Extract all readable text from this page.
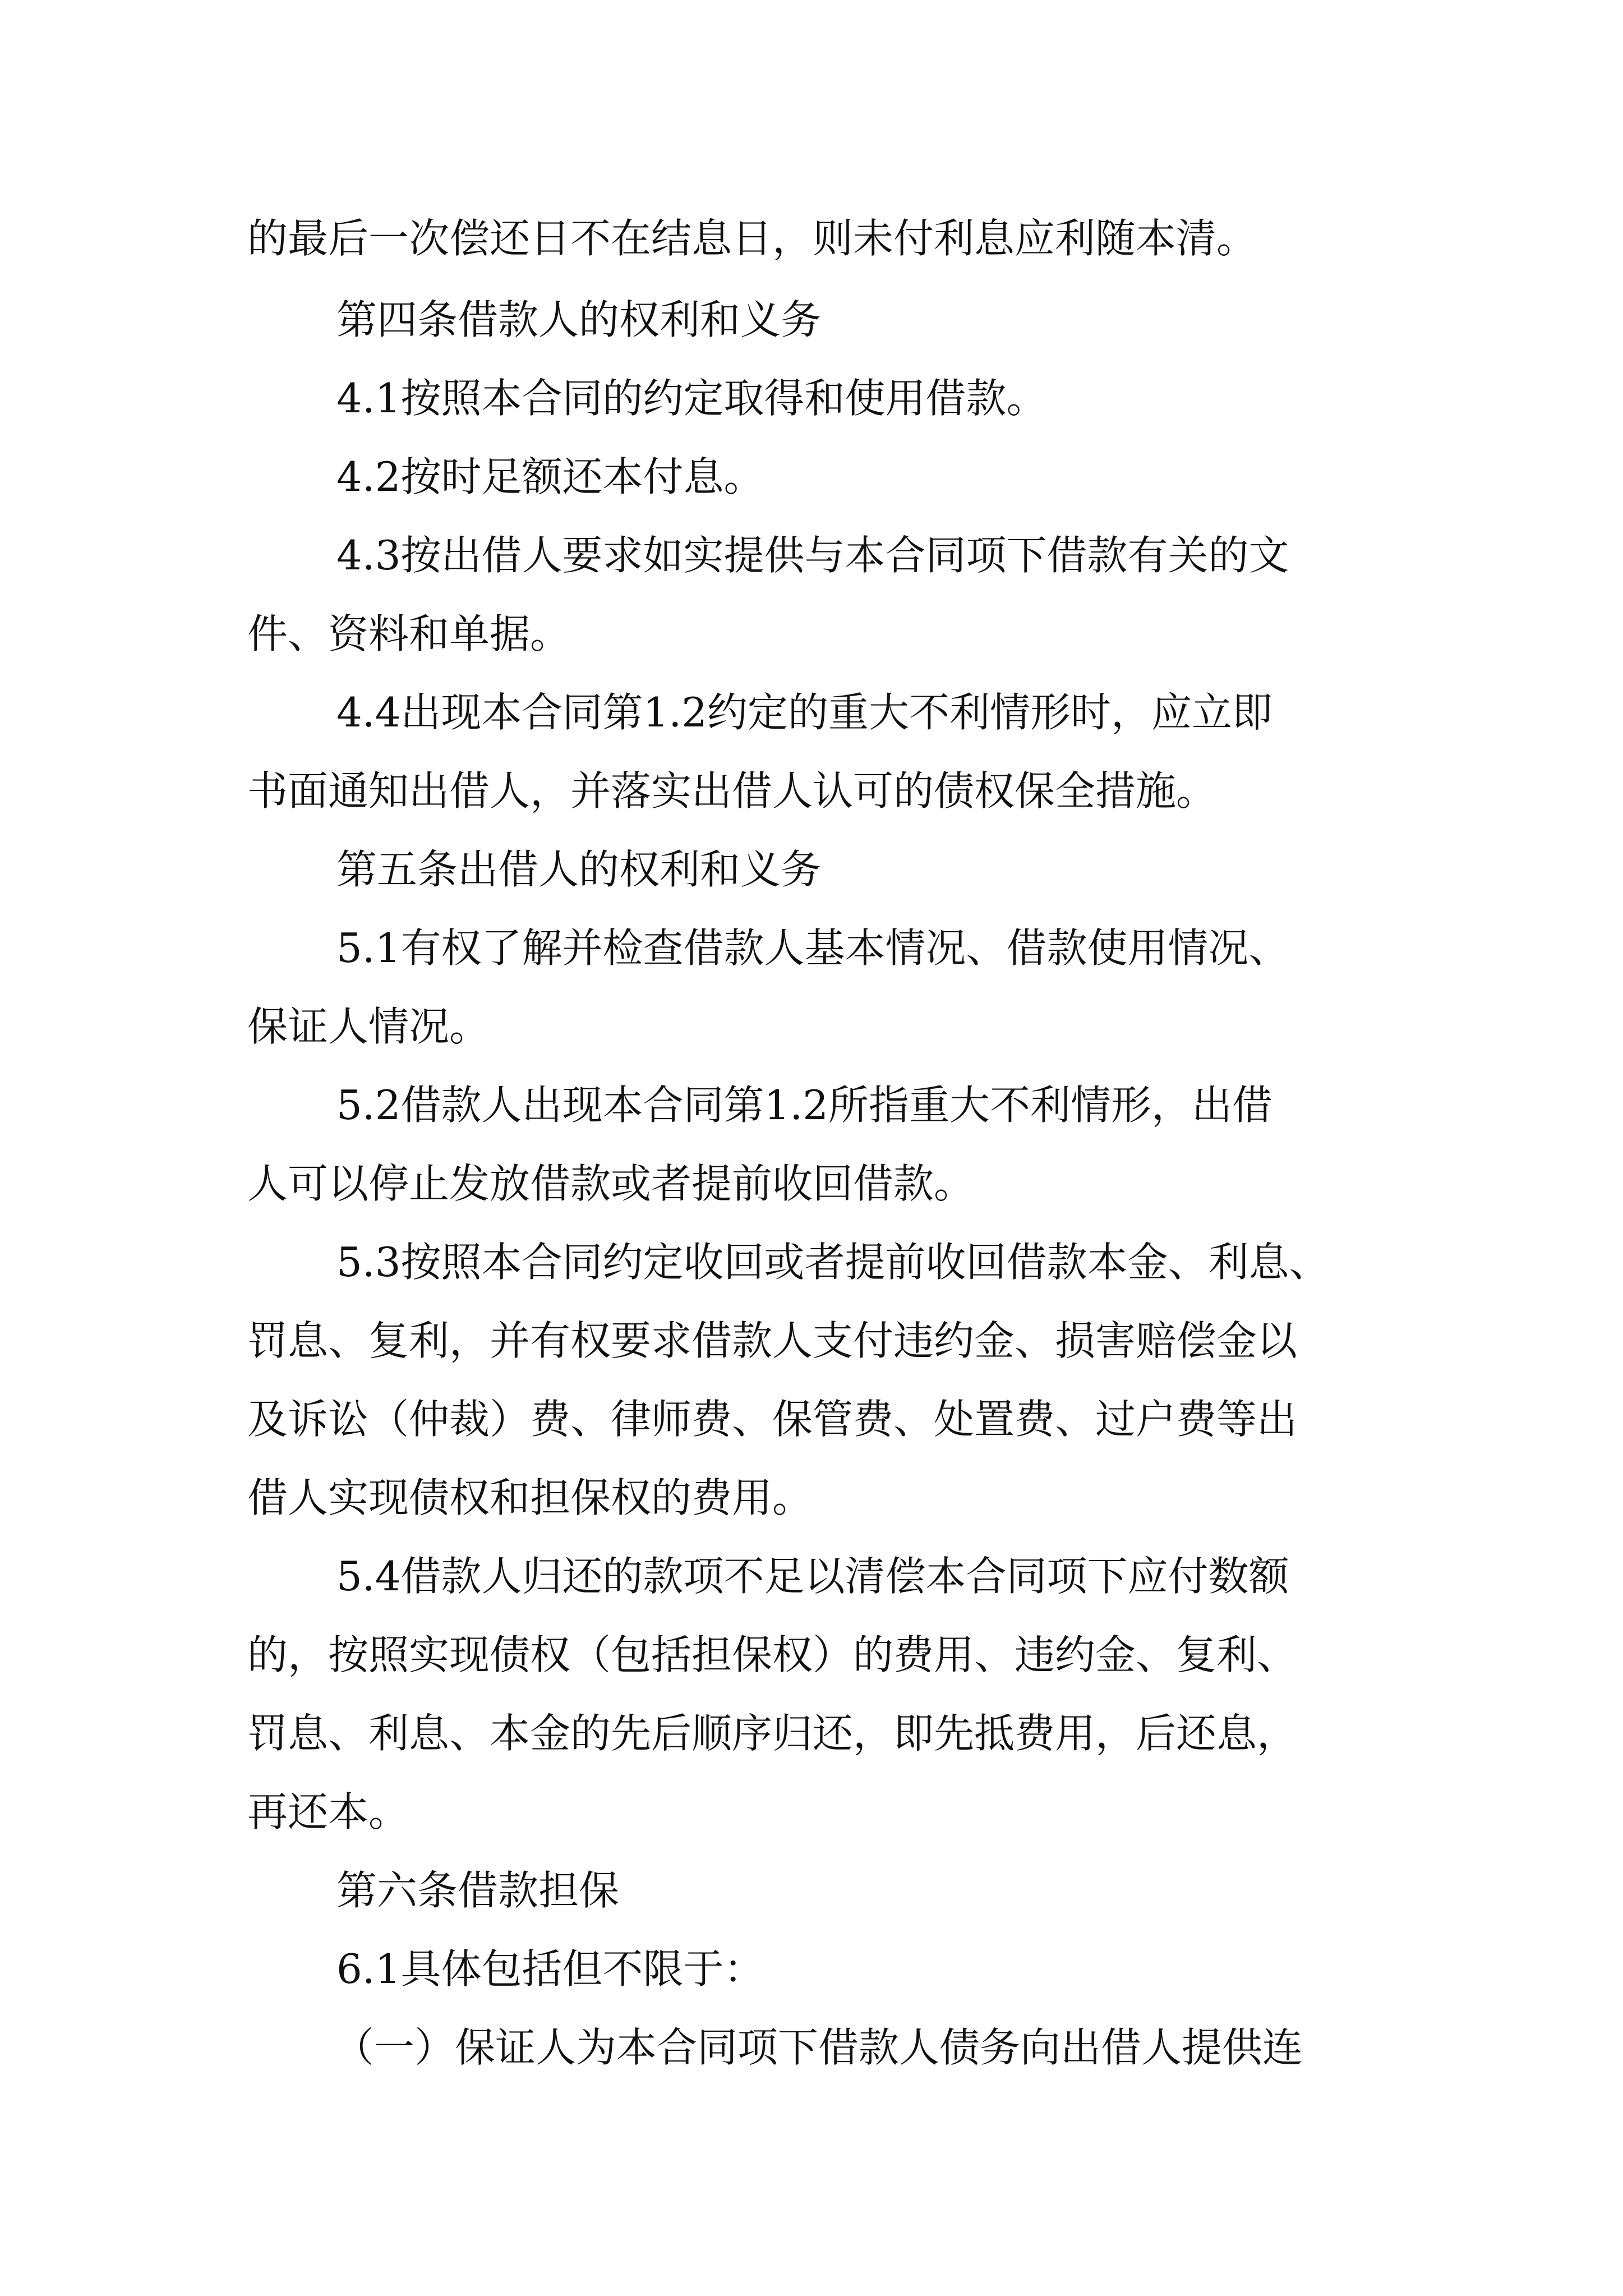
的最后一次偿还日不在结息日，则未付利息应利随本清。

第四条借款人的权利和义务

4.1按照本合同的约定取得和使用借款。

4.2按时足额还本付息。

4.3按出借人要求如实提供与本合同项下借款有关的文

件、资料和单据。

4.4出现本合同第1.2约定的重大不利情形时，应立即

书面通知出借人，并落实出借人认可的债权保全措施。

第五条出借人的权利和义务

5.1有权了解并检查借款人基本情况、借款使用情况、

保证人情况。

5.2借款人出现本合同第1.2所指重大不利情形，出借

人可以停止发放借款或者提前收回借款。

5.3按照本合同约定收回或者提前收回借款本金、利息、

罚息、复利，并有权要求借款人支付违约金、损害赔偿金以

及诉讼（仲裁）费、律师费、保管费、处置费、过户费等出

借人实现债权和担保权的费用。

5.4借款人归还的款项不足以清偿本合同项下应付数额

的，按照实现债权（包括担保权）的费用、违约金、复利、

罚息、利息、本金的先后顺序归还，即先抵费用，后还息，

再还本。

第六条借款担保

6.1具体包括但不限于：

（一）保证人为本合同项下借款人债务向出借人提供连
